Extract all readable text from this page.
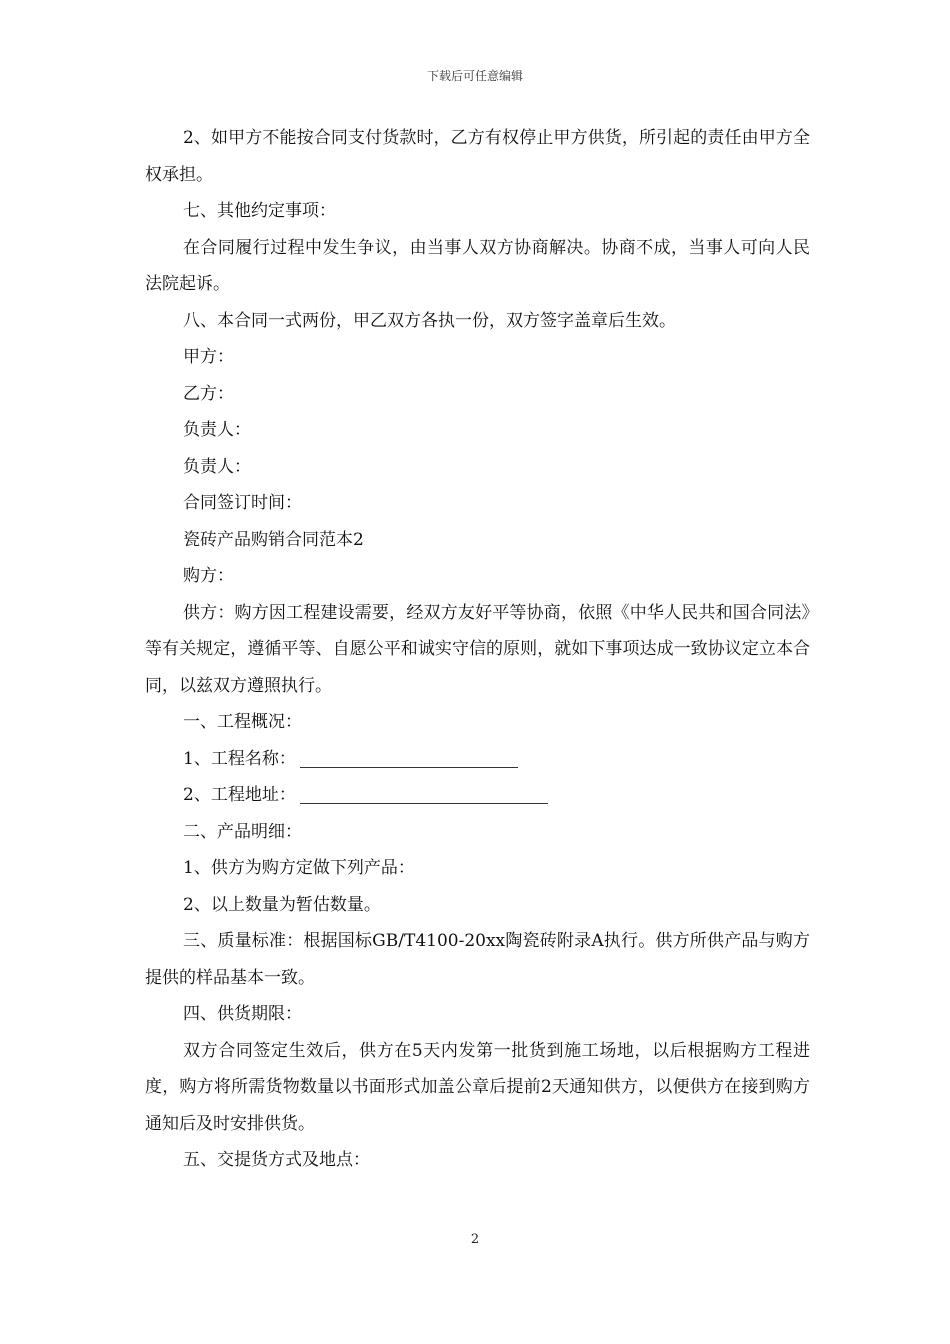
下载后可任意编辑

2、如甲方不能按合同支付货款时，乙方有权停止甲方供货，所引起的责任由甲方全权承担。

七、其他约定事项：

在合同履行过程中发生争议，由当事人双方协商解决。协商不成，当事人可向人民法院起诉。

八、本合同一式两份，甲乙双方各执一份，双方签字盖章后生效。

甲方：

乙方：

负责人：

负责人：

合同签订时间：

瓷砖产品购销合同范本2

购方：

供方：购方因工程建设需要，经双方友好平等协商，依照《中华人民共和国合同法》等有关规定，遵循平等、自愿公平和诚实守信的原则，就如下事项达成一致协议定立本合同，以兹双方遵照执行。

一、工程概况：

1、工程名称：

2、工程地址：

二、产品明细：

1、供方为购方定做下列产品：

2、以上数量为暂估数量。

三、质量标准：根据国标GB/T4100-20xx陶瓷砖附录A执行。供方所供产品与购方提供的样品基本一致。

四、供货期限：

双方合同签定生效后，供方在5天内发第一批货到施工场地，以后根据购方工程进度，购方将所需货物数量以书面形式加盖公章后提前2天通知供方，以便供方在接到购方通知后及时安排供货。

五、交提货方式及地点：

2
